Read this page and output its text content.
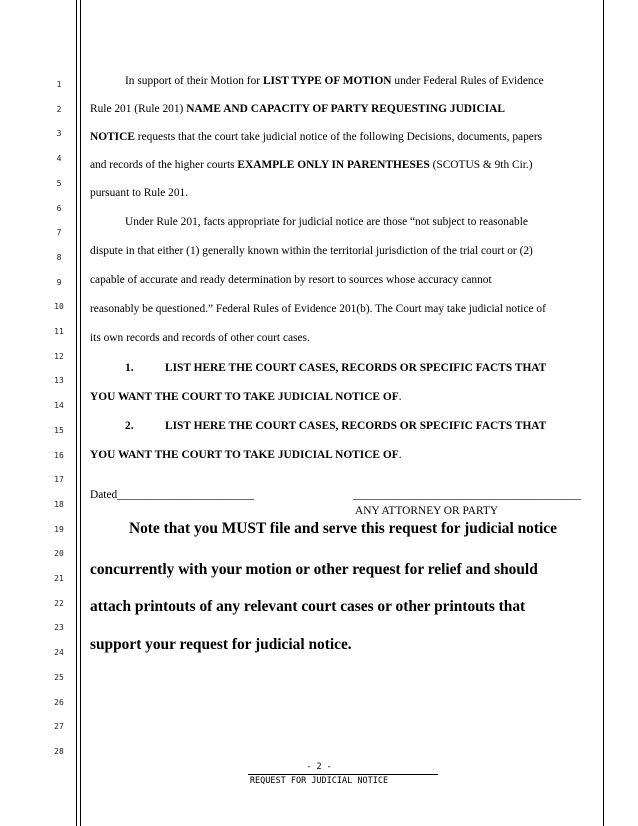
1
2
3
4
5
6
7
8
9
10
11
12
13
14
15
16
17
18
19
20
21
22
23
24
25
26
27
28
In support of their Motion for LIST TYPE OF MOTION under Federal Rules of Evidence
Rule 201 (Rule 201) NAME AND CAPACITY OF PARTY REQUESTING JUDICIAL
NOTICE requests that the court take judicial notice of the following Decisions, documents, papers
and records of the higher courts EXAMPLE ONLY IN PARENTHESES (SCOTUS & 9th Cir.)
pursuant to Rule 201.
Under Rule 201, facts appropriate for judicial notice are those “not subject to reasonable
dispute in that either (1) generally known within the territorial jurisdiction of the trial court or (2)
capable of accurate and ready determination by resort to sources whose accuracy cannot
reasonably be questioned.” Federal Rules of Evidence 201(b). The Court may take judicial notice of
its own records and records of other court cases.
1.	LIST HERE THE COURT CASES, RECORDS OR SPECIFIC FACTS THAT
YOU WANT THE COURT TO TAKE JUDICIAL NOTICE OF.
2.	LIST HERE THE COURT CASES, RECORDS OR SPECIFIC FACTS THAT
YOU WANT THE COURT TO TAKE JUDICIAL NOTICE OF.
Dated________________________	________________________________________
ANY ATTORNEY OR PARTY
Note that you MUST file and serve this request for judicial notice
concurrently with your motion or other request for relief and should
attach printouts of any relevant court cases or other printouts that
support your request for judicial notice.
- 2 -
REQUEST FOR JUDICIAL NOTICE
